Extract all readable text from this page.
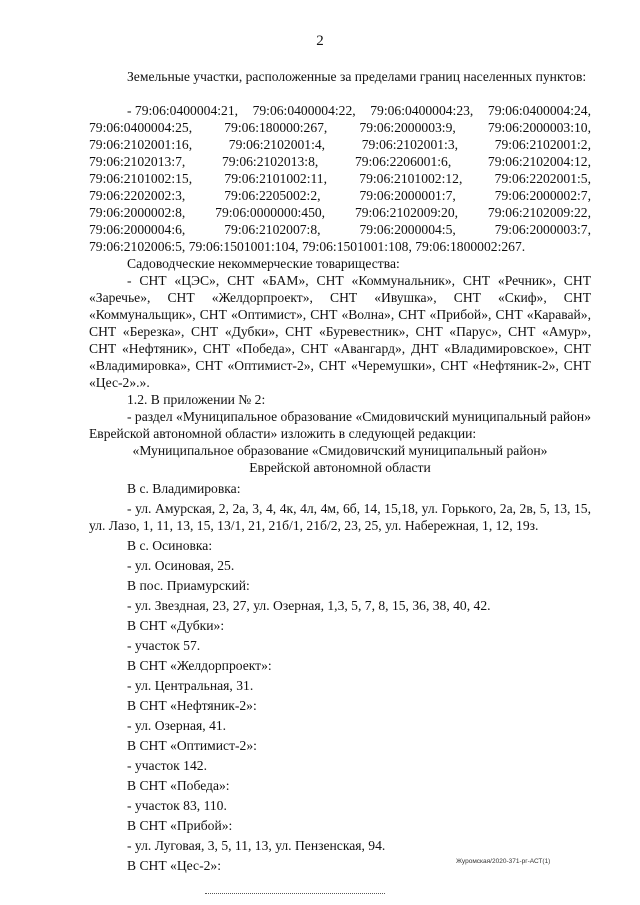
2

Земельные участки, расположенные за пределами границ населенных пунктов:

- 79:06:0400004:21, 79:06:0400004:22, 79:06:0400004:23, 79:06:0400004:24,
79:06:0400004:25, 79:06:180000:267, 79:06:2000003:9, 79:06:2000003:10,
79:06:2102001:16,	79:06:2102001:4,	79:06:2102001:3,	79:06:2102001:2,
79:06:2102013:7,	79:06:2102013:8,	79:06:2206001:6,	79:06:2102004:12,
79:06:2101002:15, 79:06:2101002:11, 79:06:2101002:12, 79:06:2202001:5,
79:06:2202002:3,	79:06:2205002:2,	79:06:2000001:7,	79:06:2000002:7,
79:06:2000002:8, 79:06:0000000:450, 79:06:2102009:20, 79:06:2102009:22,
79:06:2000004:6,	79:06:2102007:8,	79:06:2000004:5,	79:06:2000003:7,
79:06:2102006:5, 79:06:1501001:104, 79:06:1501001:108, 79:06:1800002:267.

Садоводческие некоммерческие товарищества:

- СНТ «ЦЭС», СНТ «БАМ», СНТ «Коммунальник», СНТ «Речник», СНТ «Заречье», СНТ «Желдорпроект», СНТ «Ивушка», СНТ «Скиф», СНТ «Коммунальщик», СНТ «Оптимист», СНТ «Волна», СНТ «Прибой», СНТ «Каравай», СНТ «Березка», СНТ «Дубки», СНТ «Буревестник», СНТ «Парус», СНТ «Амур», СНТ «Нефтяник», СНТ «Победа», СНТ «Авангард», ДНТ «Владимировское», СНТ «Владимировка», СНТ «Оптимист-2», СНТ «Черемушки», СНТ «Нефтяник-2», СНТ «Цес-2».».

1.2. В приложении № 2:

- раздел «Муниципальное образование «Смидовичский муниципальный район» Еврейской автономной области» изложить в следующей редакции:

«Муниципальное образование «Смидовичский муниципальный район»

Еврейской автономной области

В с. Владимировка:

- ул. Амурская, 2, 2а, 3, 4, 4к, 4л, 4м, 6б, 14, 15,18, ул. Горького, 2а, 2в, 5, 13, 15, ул. Лазо, 1, 11, 13, 15, 13/1, 21, 21б/1, 21б/2, 23, 25, ул. Набережная, 1, 12, 19з.

В с. Осиновка:

- ул. Осиновая, 25.

В пос. Приамурский:

- ул. Звездная, 23, 27, ул. Озерная, 1,3, 5, 7, 8, 15, 36, 38, 40, 42.

В СНТ «Дубки»:

- участок 57.

В СНТ «Желдорпроект»:

- ул. Центральная, 31.

В СНТ «Нефтяник-2»:

- ул. Озерная, 41.

В СНТ «Оптимист-2»:

- участок 142.

В СНТ «Победа»:

- участок 83, 110.

В СНТ «Прибой»:

- ул. Луговая, 3, 5, 11, 13, ул. Пензенская, 94.

В СНТ «Цес-2»:	Журомская/2020-371-рг-АСТ(1)
